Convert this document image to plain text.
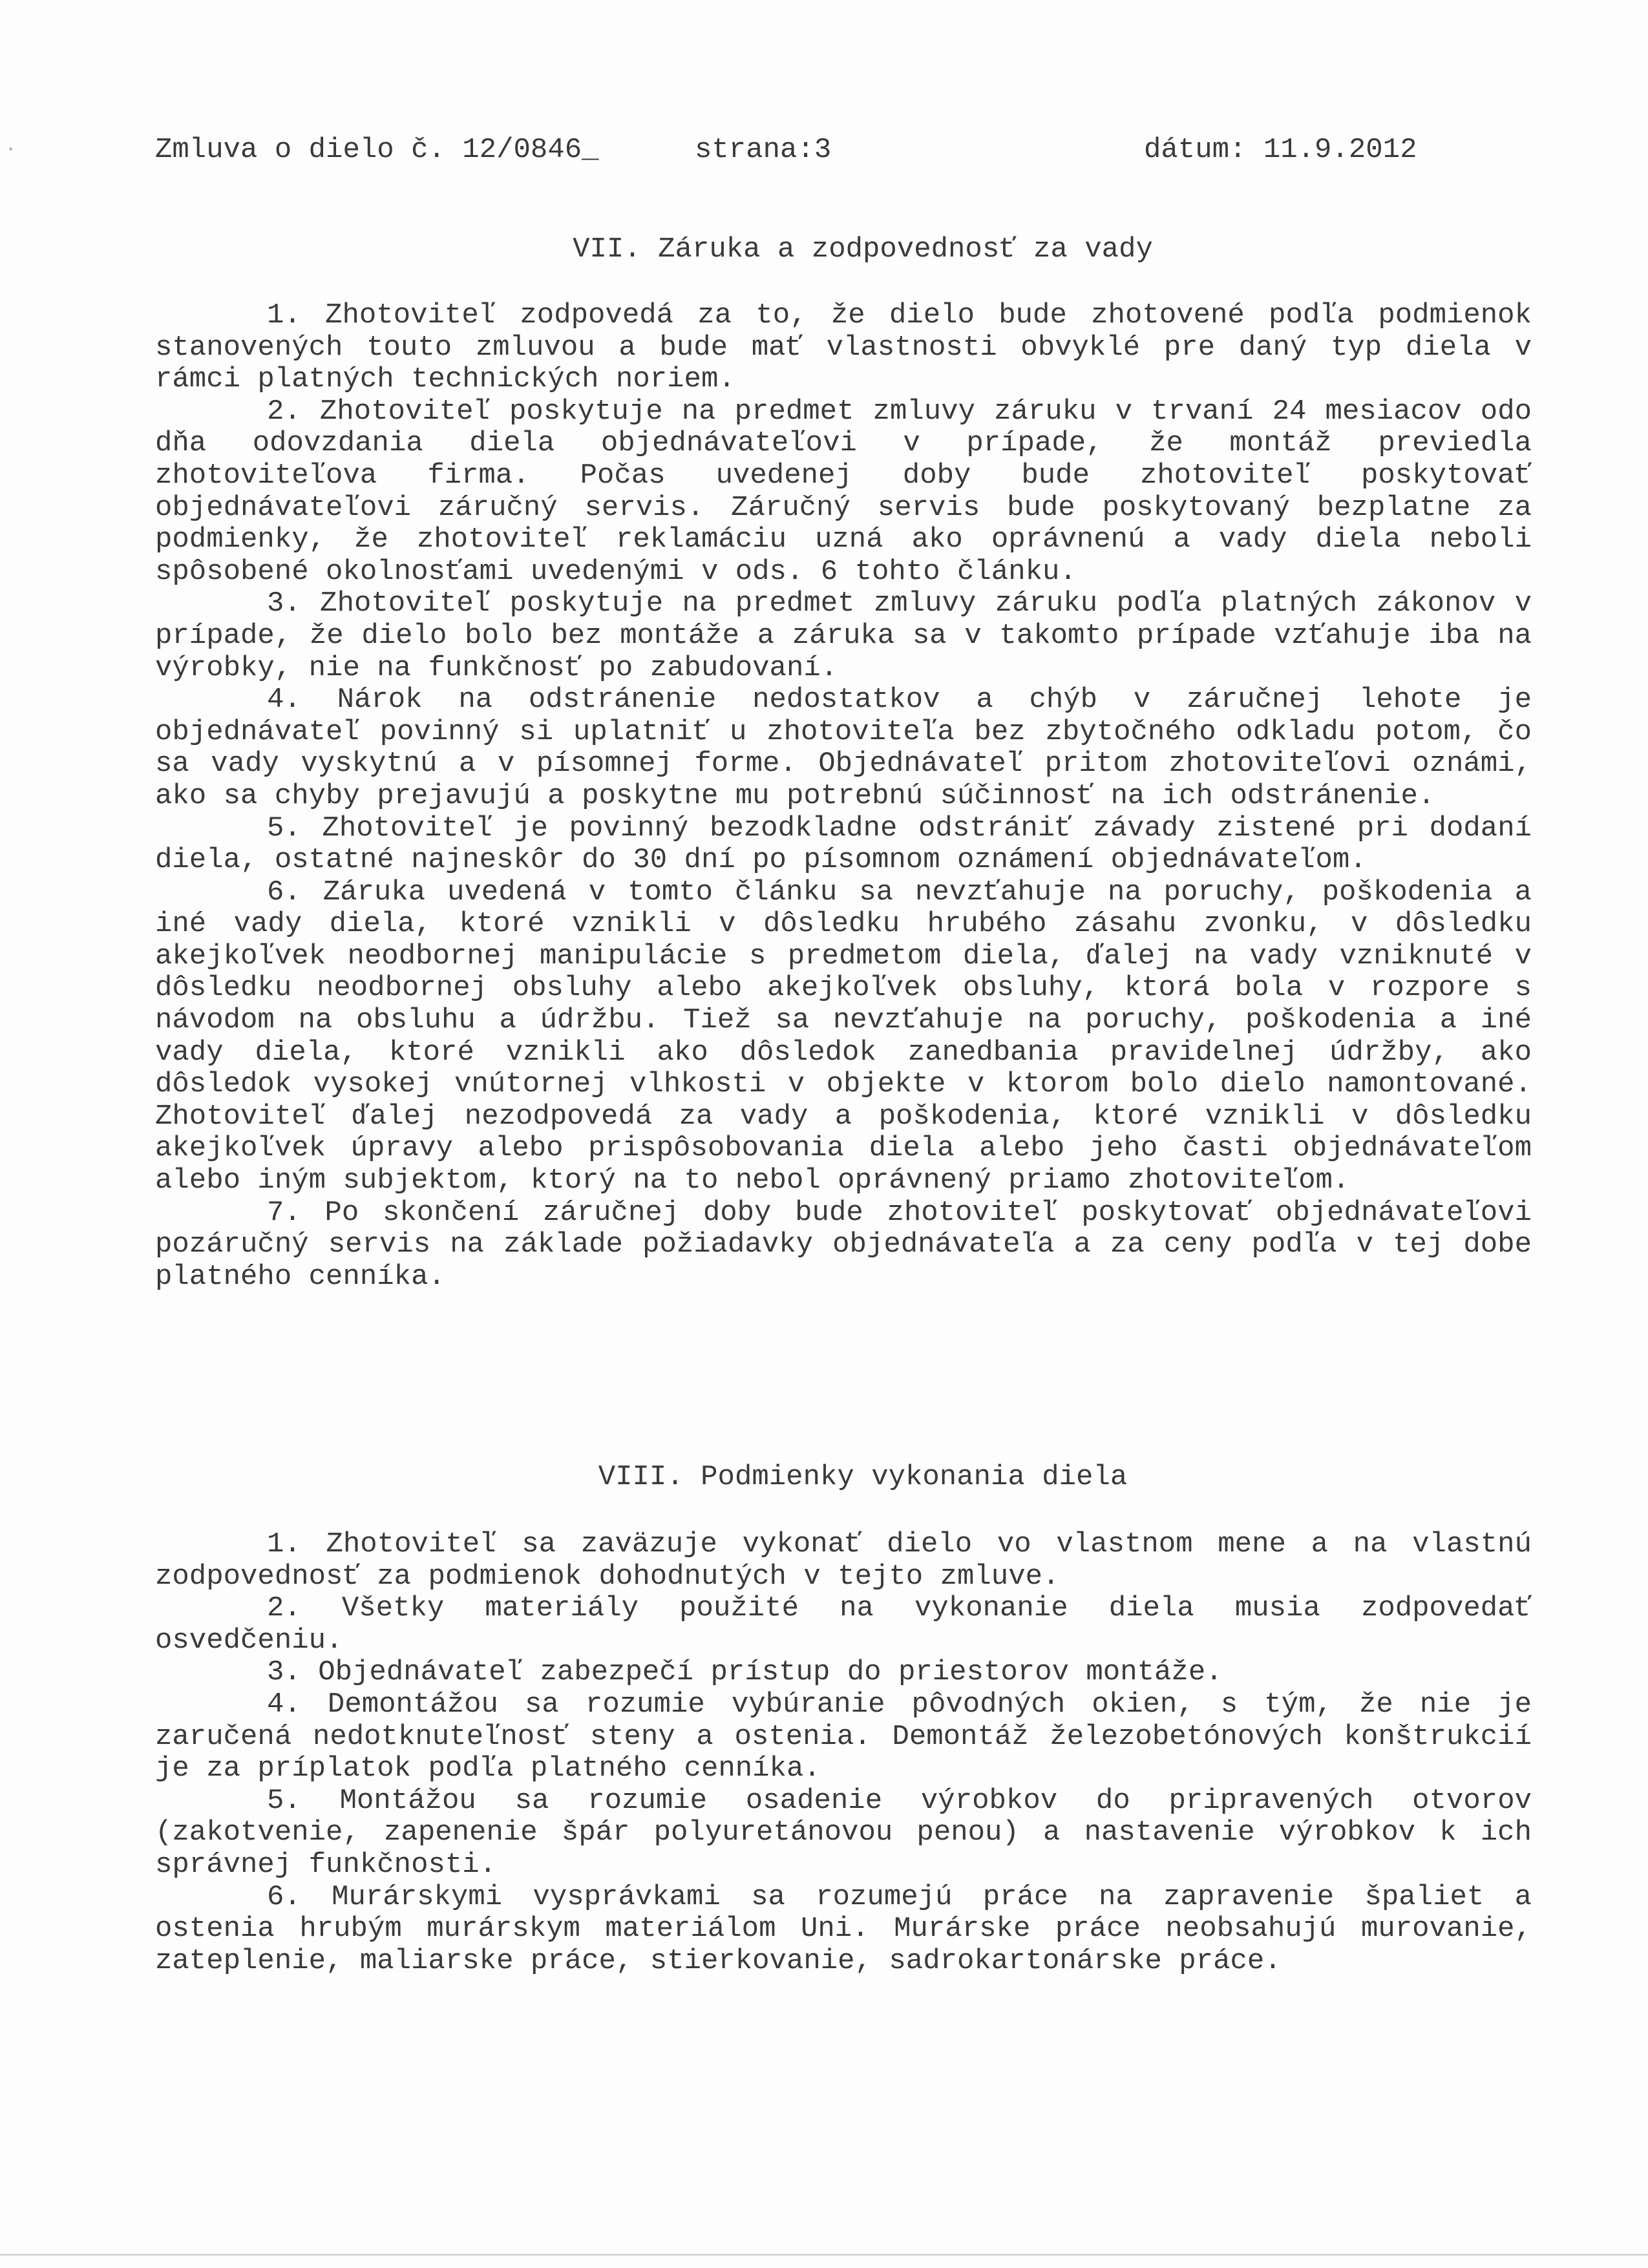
Zmluva o dielo č. 12/0846_	strana:3	dátum: 11.9.2012
VII. Záruka a zodpovednosť za vady

1. Zhotoviteľ zodpovedá za to, že dielo bude zhotovené podľa podmienok stanovených touto zmluvou a bude mať vlastnosti obvyklé pre daný typ diela v rámci platných technických noriem.

2. Zhotoviteľ poskytuje na predmet zmluvy záruku v trvaní 24 mesiacov odo dňa odovzdania diela objednávateľovi v prípade, že montáž previedla zhotoviteľova firma. Počas uvedenej doby bude zhotoviteľ poskytovať objednávateľovi záručný servis. Záručný servis bude poskytovaný bezplatne za podmienky, že zhotoviteľ reklamáciu uzná ako oprávnenú a vady diela neboli spôsobené okolnosťami uvedenými v ods. 6 tohto článku.

3. Zhotoviteľ poskytuje na predmet zmluvy záruku podľa platných zákonov v prípade, že dielo bolo bez montáže a záruka sa v takomto prípade vzťahuje iba na výrobky, nie na funkčnosť po zabudovaní.

4. Nárok na odstránenie nedostatkov a chýb v záručnej lehote je objednávateľ povinný si uplatniť u zhotoviteľa bez zbytočného odkladu potom, čo sa vady vyskytnú a v písomnej forme. Objednávateľ pritom zhotoviteľovi oznámi, ako sa chyby prejavujú a poskytne mu potrebnú súčinnosť na ich odstránenie.

5. Zhotoviteľ je povinný bezodkladne odstrániť závady zistené pri dodaní diela, ostatné najneskôr do 30 dní po písomnom oznámení objednávateľom.

6. Záruka uvedená v tomto článku sa nevzťahuje na poruchy, poškodenia a iné vady diela, ktoré vznikli v dôsledku hrubého zásahu zvonku, v dôsledku akejkoľvek neodbornej manipulácie s predmetom diela, ďalej na vady vzniknuté v dôsledku neodbornej obsluhy alebo akejkoľvek obsluhy, ktorá bola v rozpore s návodom na obsluhu a údržbu. Tiež sa nevzťahuje na poruchy, poškodenia a iné vady diela, ktoré vznikli ako dôsledok zanedbania pravidelnej údržby, ako dôsledok vysokej vnútornej vlhkosti v objekte v ktorom bolo dielo namontované. Zhotoviteľ ďalej nezodpovedá za vady a poškodenia, ktoré vznikli v dôsledku akejkoľvek úpravy alebo prispôsobovania diela alebo jeho časti objednávateľom alebo iným subjektom, ktorý na to nebol oprávnený priamo zhotoviteľom.

7. Po skončení záručnej doby bude zhotoviteľ poskytovať objednávateľovi pozáručný servis na základe požiadavky objednávateľa a za ceny podľa v tej dobe platného cenníka.

VIII. Podmienky vykonania diela

1. Zhotoviteľ sa zaväzuje vykonať dielo vo vlastnom mene a na vlastnú zodpovednosť za podmienok dohodnutých v tejto zmluve.

2. Všetky materiály použité na vykonanie diela musia zodpovedať osvedčeniu.

3. Objednávateľ zabezpečí prístup do priestorov montáže.

4. Demontážou sa rozumie vybúranie pôvodných okien, s tým, že nie je zaručená nedotknuteľnosť steny a ostenia. Demontáž železobetónových konštrukcií je za príplatok podľa platného cenníka.

5. Montážou sa rozumie osadenie výrobkov do pripravených otvorov (zakotvenie, zapenenie špár polyuretánovou penou) a nastavenie výrobkov k ich správnej funkčnosti.

6. Murárskymi vysprávkami sa rozumejú práce na zapravenie špaliet a ostenia hrubým murárskym materiálom Uni. Murárske práce neobsahujú murovanie, zateplenie, maliarske práce, stierkovanie, sadrokartonárske práce.
